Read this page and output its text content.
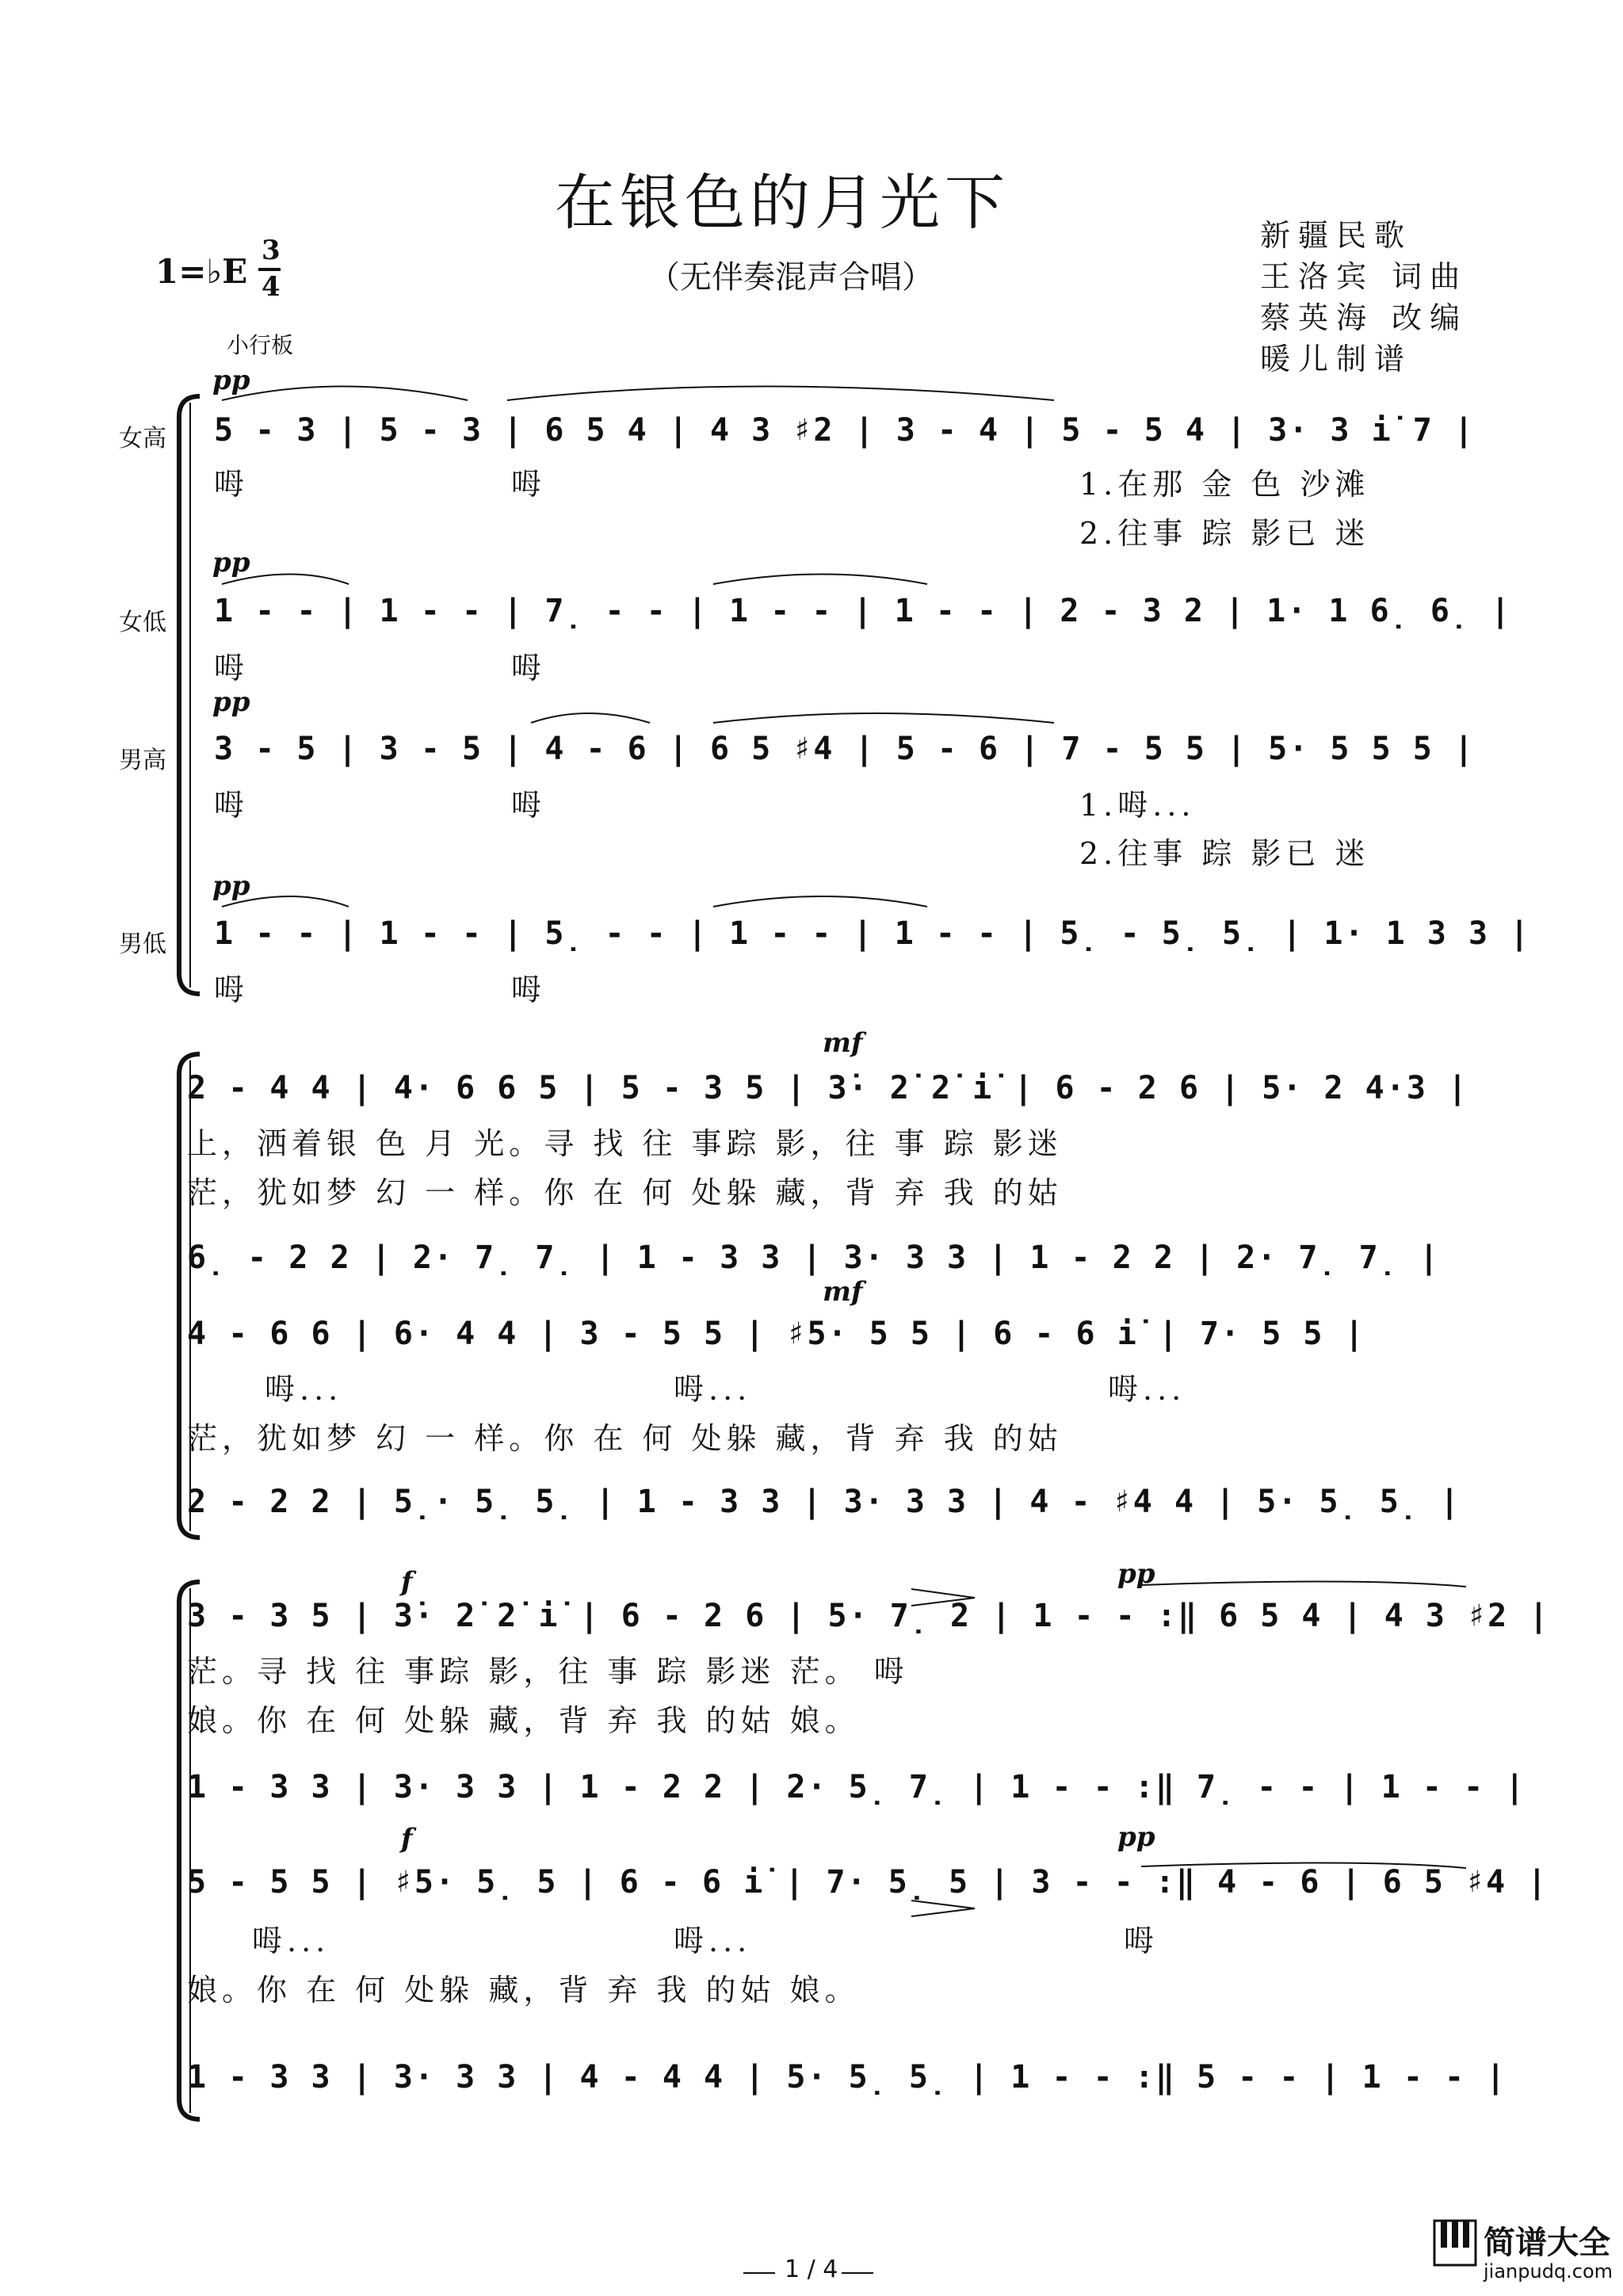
在银色的月光下
（无伴奏混声合唱）
1=♭E
3
4
小行板
新疆民歌
王洛宾 词曲
蔡英海 改编
暖儿制谱
女高
女低
男高
男低
pp
5 - 3 | 5 - 3 | 6 5 4 | 4 3 ♯2 | 3 - 4 | 5 - 5 4 | 3· 3 i̇ 7 |
呣	呣	1.在那 金 色 沙滩
2.往事 踪 影已 迷
pp
1 - - | 1 - - | 7̣ - - | 1 - - | 1 - - | 2 - 3 2 | 1· 1 6̣ 6̣ |
呣	呣
pp
3 - 5 | 3 - 5 | 4 - 6 | 6 5 ♯4 | 5 - 6 | 7 - 5 5 | 5· 5 5 5 |
呣	呣	1.呣...
2.往事 踪 影已 迷
pp
1 - - | 1 - - | 5̣ - - | 1 - - | 1 - - | 5̣ - 5̣ 5̣ | 1· 1 3 3 |
呣	呣
mf
2 - 4 4 | 4· 6 6 5 | 5 - 3 5 | 3̇· 2̇ 2̇ i̇ | 6 - 2 6 | 5· 2 4·3 |
上，洒着银 色 月 光。寻 找 往 事踪 影，往 事 踪 影迷
茫，犹如梦 幻 一 样。你 在 何 处躲 藏，背 弃 我 的姑
6̣ - 2 2 | 2· 7̣ 7̣ | 1 - 3 3 | 3· 3 3 | 1 - 2 2 | 2· 7̣ 7̣ |
mf
4 - 6 6 | 6· 4 4 | 3 - 5 5 | ♯5· 5 5 | 6 - 6 i̇ | 7· 5 5 |
呣...	呣...	呣...
茫，犹如梦 幻 一 样。你 在 何 处躲 藏，背 弃 我 的姑
2 - 2 2 | 5̣· 5̣ 5̣ | 1 - 3 3 | 3· 3 3 | 4 - ♯4 4 | 5· 5̣ 5̣ |
f	pp
3 - 3 5 | 3̇· 2̇ 2̇ i̇ | 6 - 2 6 | 5· 7̣ 2 | 1 - - :‖ 6 5 4 | 4 3 ♯2 |
茫。寻 找 往 事踪 影，往 事 踪 影迷 茫。 呣
娘。你 在 何 处躲 藏，背 弃 我 的姑 娘。
1 - 3 3 | 3· 3 3 | 1 - 2 2 | 2· 5̣ 7̣ | 1 - - :‖ 7̣ - - | 1 - - |
f	pp
5 - 5 5 | ♯5· 5̣ 5 | 6 - 6 i̇ | 7· 5̣ 5 | 3 - - :‖ 4 - 6 | 6 5 ♯4 |
呣...	呣...	呣
娘。你 在 何 处躲 藏，背 弃 我 的姑 娘。
1 - 3 3 | 3· 3 3 | 4 - 4 4 | 5· 5̣ 5̣ | 1 - - :‖ 5 - - | 1 - - |
1 / 4
简谱大全
jianpudq.com
